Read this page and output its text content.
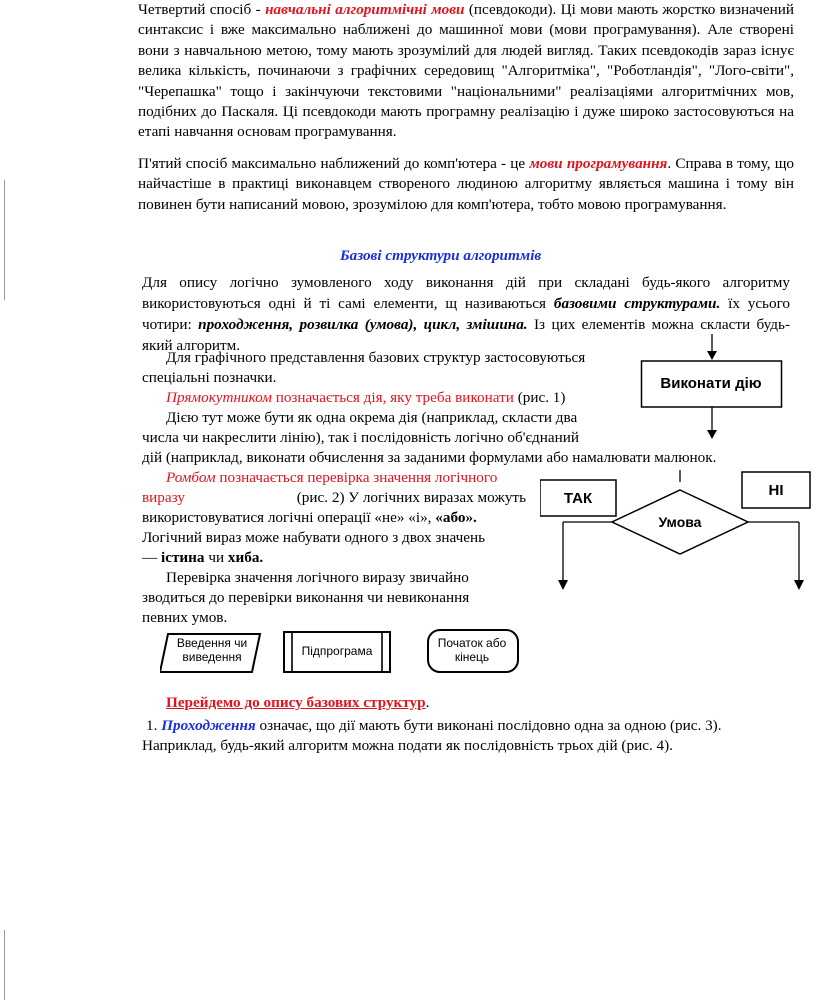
Четвертий спосіб - навчальні алгоритмічні мови (псевдокоди). Ці мови мають жорстко визначений синтаксис і вже максимально наближені до машинної мови (мови програмування). Але створені вони з навчальною метою, тому мають зрозумілий для людей вигляд. Таких псевдокодів зараз існує велика кількість, починаючи з графічних середовищ "Алгоритміка", "Роботландія", "Лого-світи", "Черепашка" тощо і закінчуючи текстовими "національними" реалізаціями алгоритмічних мов, подібних до Паскаля. Ці псевдокоди мають програмну реалізацію і дуже широко застосовуються на етапі навчання основам програмування.

П'ятий спосіб максимально наближений до комп'ютера - це мови програмування. Справа в тому, що найчастіше в практиці виконавцем створеного людиною алгоритму являється машина і тому він повинен бути написаний мовою, зрозумілою для комп'ютера, тобто мовою програмування.

Базові структури алгоритмів

Для опису логічно зумовленого ходу виконання дій при складані будь-якого алгоритму використовуються одні й ті самі елементи, щ називаються базовими структурами. їх усього чотири: проходження, розвилка (умова), цикл, змішина. Із цих елементів можна скласти будь-який алгоритм.

Для графічного представлення базових структур застосовуються
спеціальні позначки.
Прямокутником позначається дія, яку треба виконати (рис. 1)
Дією тут може бути як одна окрема дія (наприклад, скласти два
числа чи накреслити лінію), так і послідовність логічно об'єднаний
дій (наприклад, виконати обчислення за заданими формулами або намалювати малюнок.
Ромбом позначається перевірка значення логічного
виразу	(рис. 2) У логічних виразах можуть
використовуватися логічні операції «не» «і», «або».
Логічний вираз може набувати одного з двох значень
— істина чи хиба.
Перевірка значення логічного виразу звичайно
зводиться до перевірки виконання чи невиконання
певних умов.
Виконати дію
ТАК	НІ
Умова
Введення чи виведення	Підпрограма
Початок або кінець
Перейдемо до опису базових структур.
1. Проходження означає, що дії мають бути виконані послідовно одна за одною (рис. 3).
Наприклад, будь-який алгоритм можна подати як послідовність трьох дій (рис. 4).
